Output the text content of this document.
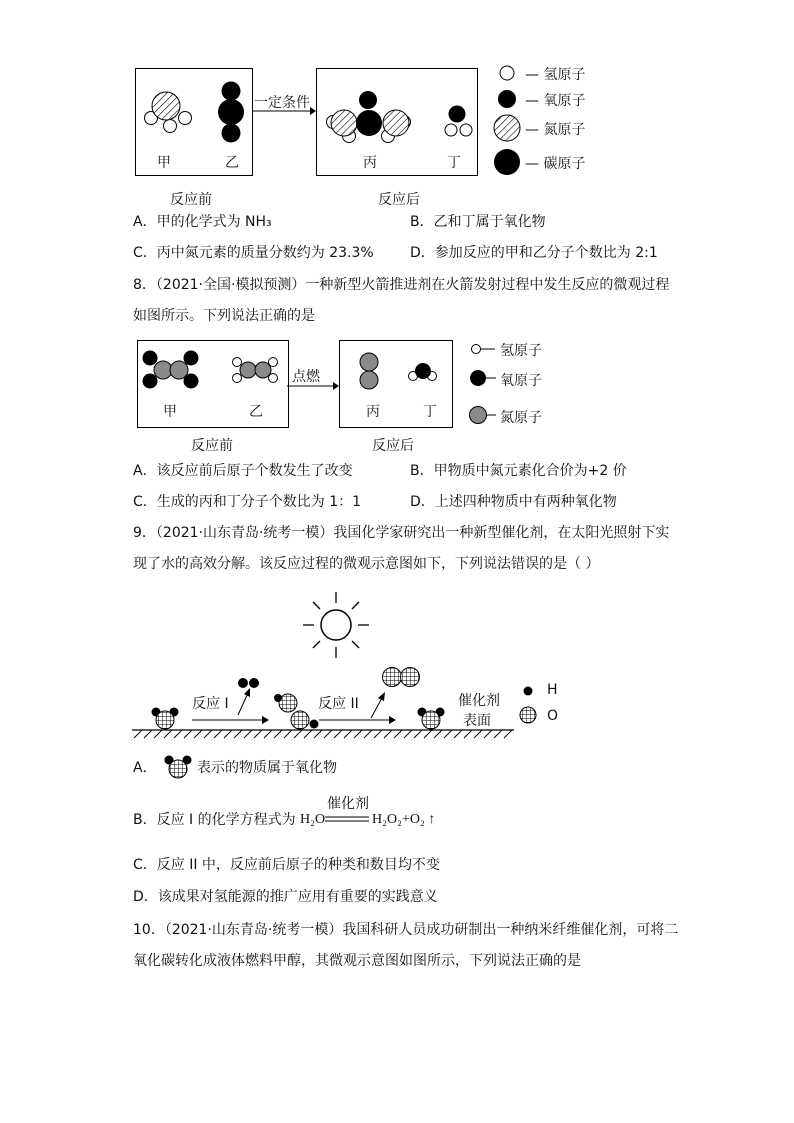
甲	乙
一定条件
丙	丁
反应前	反应后
— 氢原子
— 氧原子
— 氮原子
— 碳原子
A．甲的化学式为 NH₃	B．乙和丁属于氧化物
C．丙中氮元素的质量分数约为 23.3%	D．参加反应的甲和乙分子个数比为 2:1
8．（2021·全国·模拟预测）一种新型火箭推进剂在火箭发射过程中发生反应的微观过程
如图所示。下列说法正确的是
甲	乙
点燃
丙	丁
反应前	反应后
氢原子
氧原子
氮原子
A．该反应前后原子个数发生了改变	B．甲物质中氮元素化合价为+2 价
C．生成的丙和丁分子个数比为 1：1	D．上述四种物质中有两种氧化物
9．（2021·山东青岛·统考一模）我国化学家研究出一种新型催化剂，在太阳光照射下实
现了水的高效分解。该反应过程的微观示意图如下，下列说法错误的是（ ）
反应 I	反应 II	催化剂
表面
H
O
A．	表示的物质属于氧化物
B．反应 I 的化学方程式为 H₂O
催化剂
H₂O₂+O₂ ↑
C．反应 II 中，反应前后原子的种类和数目均不变
D．该成果对氢能源的推广应用有重要的实践意义
10．（2021·山东青岛·统考一模）我国科研人员成功研制出一种纳米纤维催化剂，可将二
氧化碳转化成液体燃料甲醇，其微观示意图如图所示，下列说法正确的是
